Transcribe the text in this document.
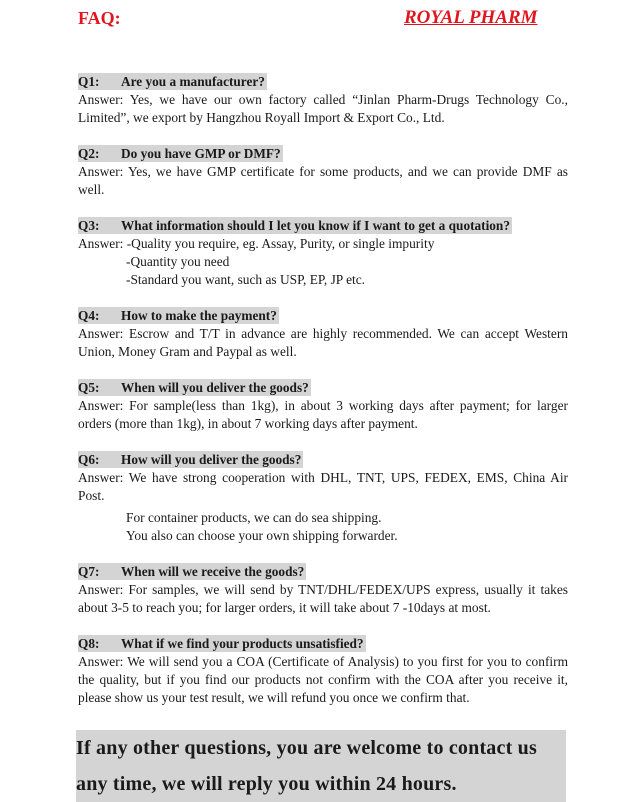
FAQ:	ROYAL PHARM
Q1: Are you a manufacturer?

Answer: Yes, we have our own factory called “Jinlan Pharm-Drugs Technology Co., Limited”, we export by Hangzhou Royall Import & Export Co., Ltd.

Q2: Do you have GMP or DMF?

Answer: Yes, we have GMP certificate for some products, and we can provide DMF as well.

Q3: What information should I let you know if I want to get a quotation?

Answer: -Quality you require, eg. Assay, Purity, or single impurity

-Quantity you need
-Standard you want, such as USP, EP, JP etc.
Q4: How to make the payment?

Answer: Escrow and T/T in advance are highly recommended. We can accept Western Union, Money Gram and Paypal as well.

Q5: When will you deliver the goods?

Answer: For sample(less than 1kg), in about 3 working days after payment; for larger orders (more than 1kg), in about 7 working days after payment.

Q6: How will you deliver the goods?

Answer: We have strong cooperation with DHL, TNT, UPS, FEDEX, EMS, China Air Post.

For container products, we can do sea shipping.

You also can choose your own shipping forwarder.

Q7: When will we receive the goods?

Answer: For samples, we will send by TNT/DHL/FEDEX/UPS express, usually it takes about 3-5 to reach you; for larger orders, it will take about 7 -10days at most.

Q8: What if we find your products unsatisfied?

Answer: We will send you a COA (Certificate of Analysis) to you first for you to confirm the quality, but if you find our products not confirm with the COA after you receive it, please show us your test result, we will refund you once we confirm that.

If any other questions, you are welcome to contact us
any time, we will reply you within 24 hours.
